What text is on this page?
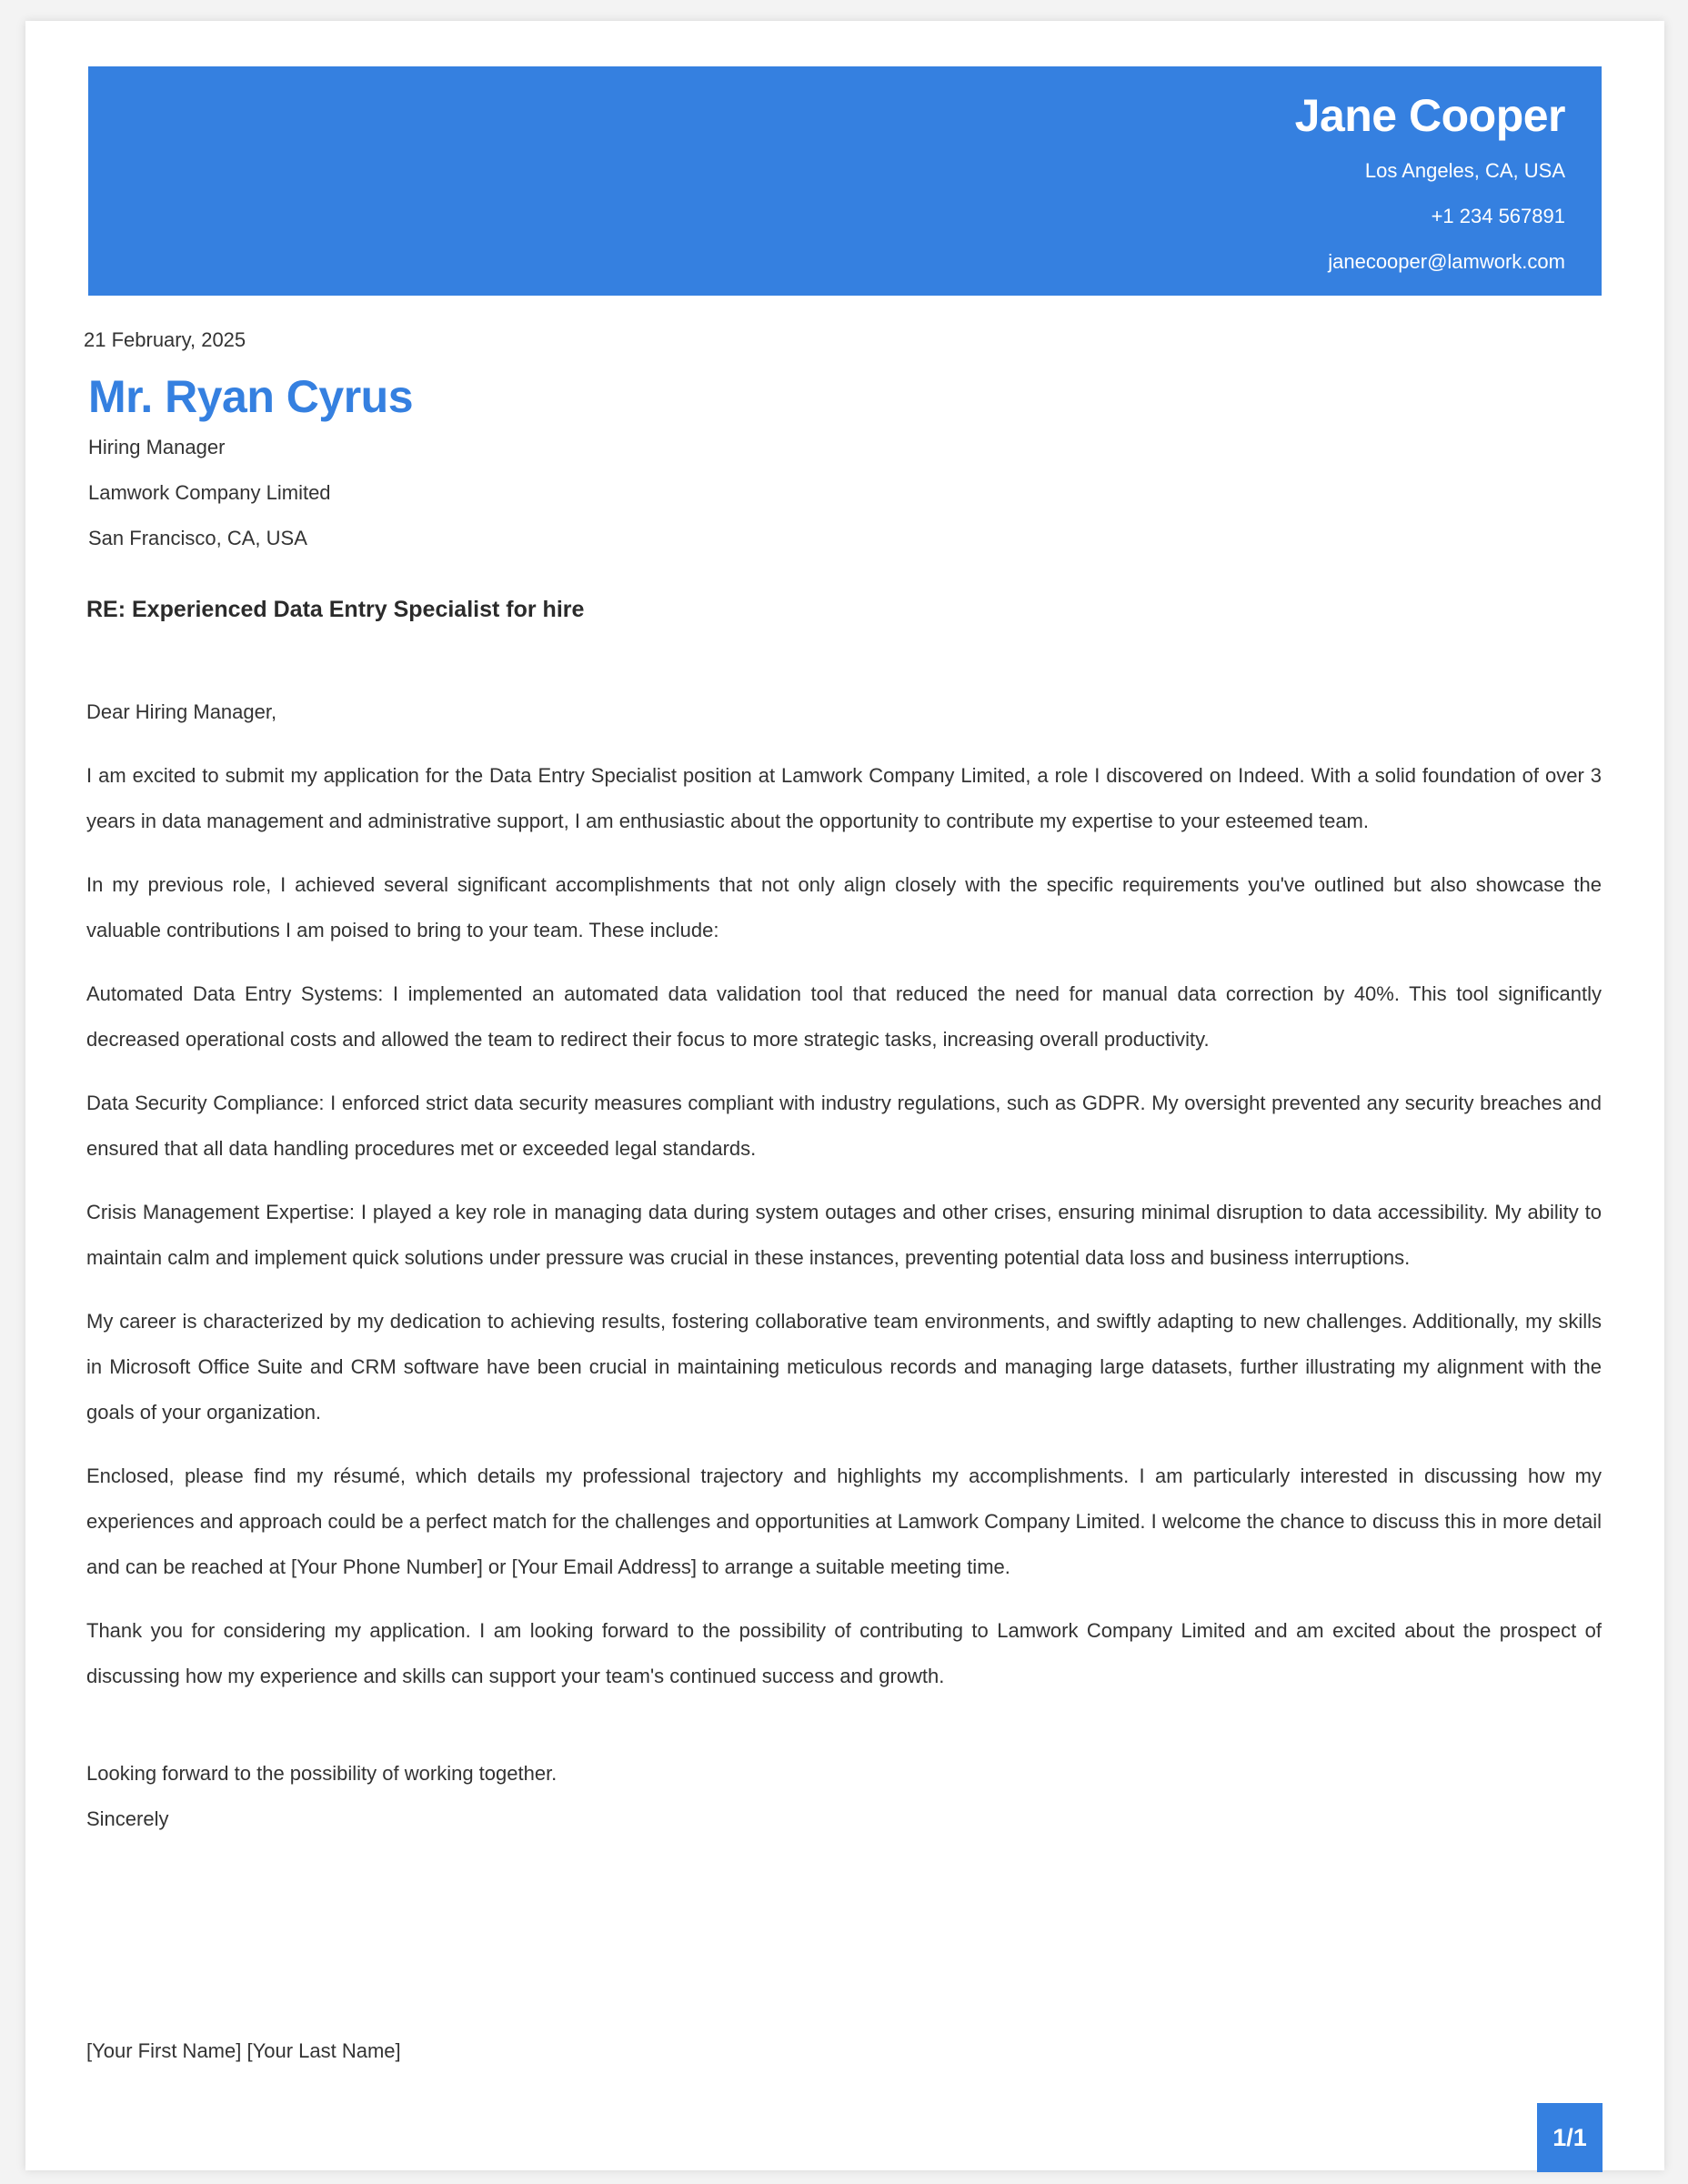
Jane Cooper
Los Angeles, CA, USA
+1 234 567891
janecooper@lamwork.com
21 February, 2025
Mr. Ryan Cyrus
Hiring Manager
Lamwork Company Limited
San Francisco, CA, USA
RE: Experienced Data Entry Specialist for hire

Dear Hiring Manager,

I am excited to submit my application for the Data Entry Specialist position at Lamwork Company Limited, a role I discovered on Indeed. With a solid foundation of over 3 years in data management and administrative support, I am enthusiastic about the opportunity to contribute my expertise to your esteemed team.

In my previous role, I achieved several significant accomplishments that not only align closely with the specific requirements you've outlined but also showcase the valuable contributions I am poised to bring to your team. These include:

Automated Data Entry Systems: I implemented an automated data validation tool that reduced the need for manual data correction by 40%. This tool significantly decreased operational costs and allowed the team to redirect their focus to more strategic tasks, increasing overall productivity.

Data Security Compliance: I enforced strict data security measures compliant with industry regulations, such as GDPR. My oversight prevented any security breaches and ensured that all data handling procedures met or exceeded legal standards.

Crisis Management Expertise: I played a key role in managing data during system outages and other crises, ensuring minimal disruption to data accessibility. My ability to maintain calm and implement quick solutions under pressure was crucial in these instances, preventing potential data loss and business interruptions.

My career is characterized by my dedication to achieving results, fostering collaborative team environments, and swiftly adapting to new challenges. Additionally, my skills in Microsoft Office Suite and CRM software have been crucial in maintaining meticulous records and managing large datasets, further illustrating my alignment with the goals of your organization.

Enclosed, please find my résumé, which details my professional trajectory and highlights my accomplishments. I am particularly interested in discussing how my experiences and approach could be a perfect match for the challenges and opportunities at Lamwork Company Limited. I welcome the chance to discuss this in more detail and can be reached at [Your Phone Number] or [Your Email Address] to arrange a suitable meeting time.

Thank you for considering my application. I am looking forward to the possibility of contributing to Lamwork Company Limited and am excited about the prospect of discussing how my experience and skills can support your team's continued success and growth.

Looking forward to the possibility of working together.
Sincerely
[Your First Name] [Your Last Name]
1/1
